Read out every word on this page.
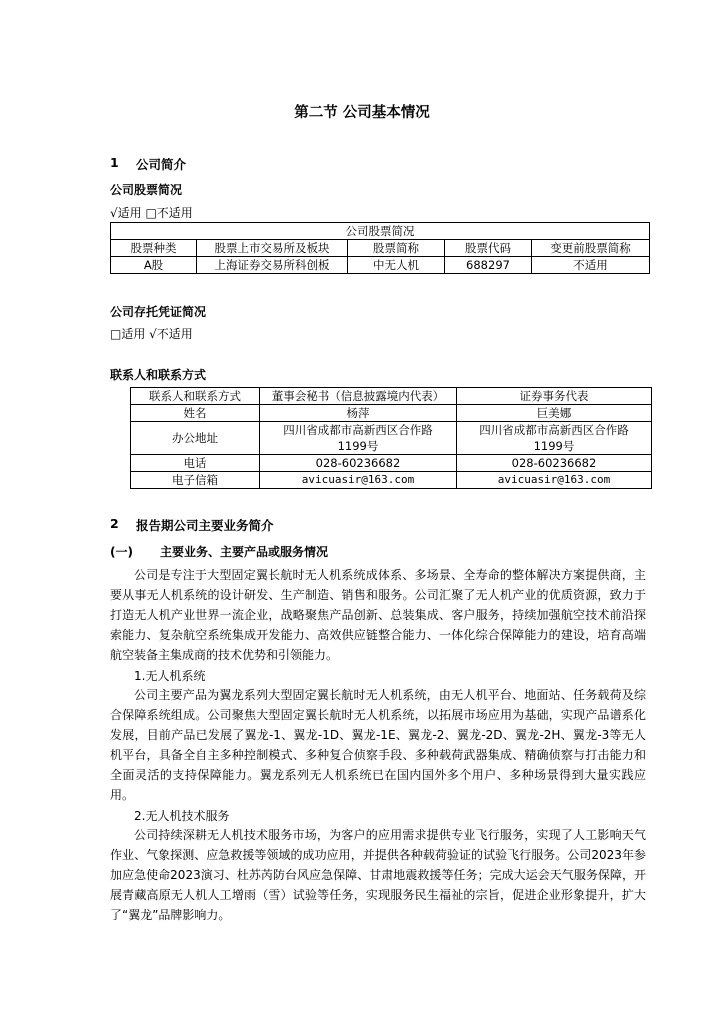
第二节 公司基本情况
1 公司简介
公司股票简况
√适用 □不适用
公司股票简况				
股票种类	股票上市交易所及板块	股票简称	股票代码	变更前股票简称
A股	上海证券交易所科创板	中无人机	688297	不适用
公司存托凭证简况
□适用 √不适用
联系人和联系方式
联系人和联系方式	董事会秘书（信息披露境内代表）	证券事务代表
姓名	杨萍	巨美娜
办公地址	四川省成都市高新西区合作路1199号	四川省成都市高新西区合作路1199号
电话	028-60236682	028-60236682
电子信箱	avicuasir@163.com	avicuasir@163.com
2 报告期公司主要业务简介
(一) 主要业务、主要产品或服务情况
公司是专注于大型固定翼长航时无人机系统成体系、多场景、全寿命的整体解决方案提供商，主要从事无人机系统的设计研发、生产制造、销售和服务。公司汇聚了无人机产业的优质资源，致力于打造无人机产业世界一流企业，战略聚焦产品创新、总装集成、客户服务，持续加强航空技术前沿探索能力、复杂航空系统集成开发能力、高效供应链整合能力、一体化综合保障能力的建设，培育高端航空装备主集成商的技术优势和引领能力。
1.无人机系统
公司主要产品为翼龙系列大型固定翼长航时无人机系统，由无人机平台、地面站、任务载荷及综合保障系统组成。公司聚焦大型固定翼长航时无人机系统，以拓展市场应用为基础，实现产品谱系化发展，目前产品已发展了翼龙-1、翼龙-1D、翼龙-1E、翼龙-2、翼龙-2D、翼龙-2H、翼龙-3等无人机平台，具备全自主多种控制模式、多种复合侦察手段、多种载荷武器集成、精确侦察与打击能力和全面灵活的支持保障能力。翼龙系列无人机系统已在国内国外多个用户、多种场景得到大量实践应用。
2.无人机技术服务
公司持续深耕无人机技术服务市场，为客户的应用需求提供专业飞行服务，实现了人工影响天气作业、气象探测、应急救援等领域的成功应用，并提供各种载荷验证的试验飞行服务。公司2023年参加应急使命2023演习、杜苏芮防台风应急保障、甘肃地震救援等任务；完成大运会天气服务保障，开展青藏高原无人机人工增雨（雪）试验等任务，实现服务民生福祉的宗旨，促进企业形象提升，扩大了“翼龙”品牌影响力。
